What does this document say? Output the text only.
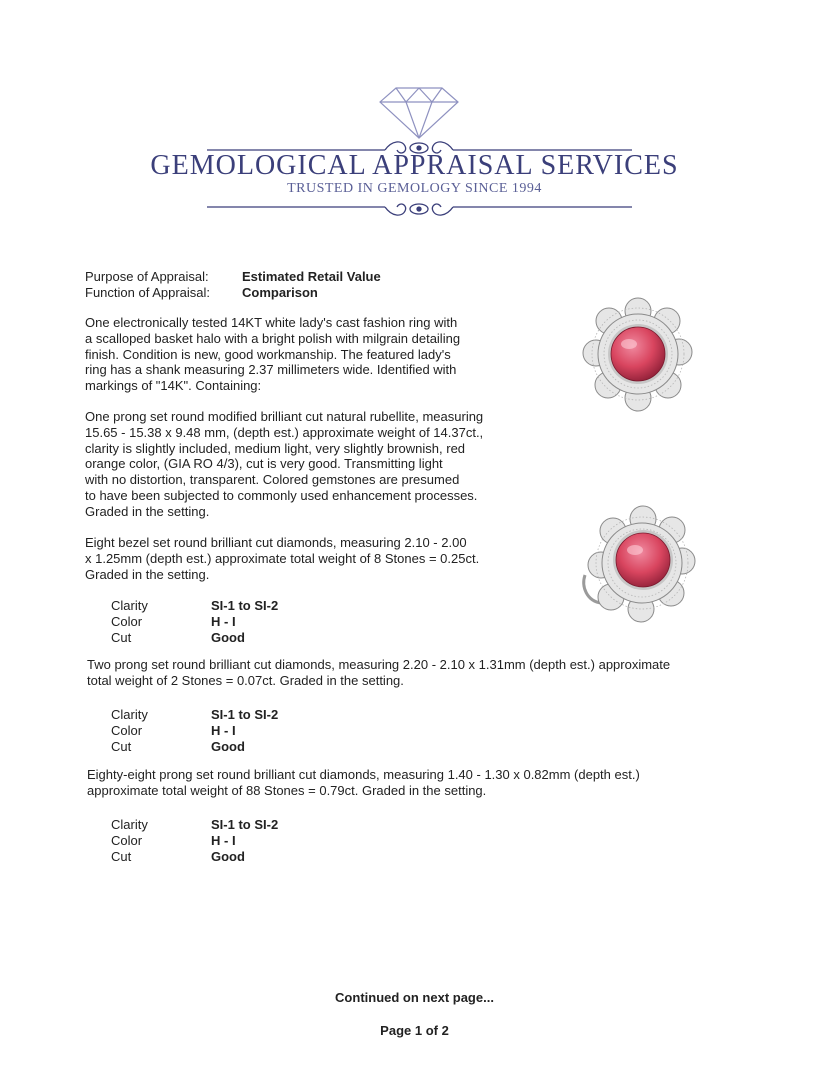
GEMOLOGICAL APPRAISAL SERVICES
TRUSTED IN GEMOLOGY SINCE 1994
Purpose of Appraisal:	Estimated Retail Value
Function of Appraisal:	Comparison

One electronically tested 14KT white lady's cast fashion ring with
a scalloped basket halo with a bright polish with milgrain detailing
finish. Condition is new, good workmanship. The featured lady's
ring has a shank measuring 2.37 millimeters wide. Identified with
markings of "14K". Containing:

One prong set round modified brilliant cut natural rubellite, measuring
15.65 - 15.38 x 9.48 mm, (depth est.) approximate weight of 14.37ct.,
clarity is slightly included, medium light, very slightly brownish, red
orange color, (GIA RO 4/3), cut is very good. Transmitting light
with no distortion, transparent. Colored gemstones are presumed
to have been subjected to commonly used enhancement processes.
Graded in the setting.

Eight bezel set round brilliant cut diamonds, measuring 2.10 - 2.00
x 1.25mm (depth est.) approximate total weight of 8 Stones = 0.25ct.
Graded in the setting.

Clarity	SI-1 to SI-2
Color	H - I
Cut	Good

Two prong set round brilliant cut diamonds, measuring 2.20 - 2.10 x 1.31mm (depth est.) approximate
total weight of 2 Stones = 0.07ct. Graded in the setting.

Clarity	SI-1 to SI-2
Color	H - I
Cut	Good

Eighty-eight prong set round brilliant cut diamonds, measuring 1.40 - 1.30 x 0.82mm (depth est.)
approximate total weight of 88 Stones = 0.79ct. Graded in the setting.

Clarity	SI-1 to SI-2
Color	H - I
Cut	Good
Continued on next page...
Page 1 of 2
